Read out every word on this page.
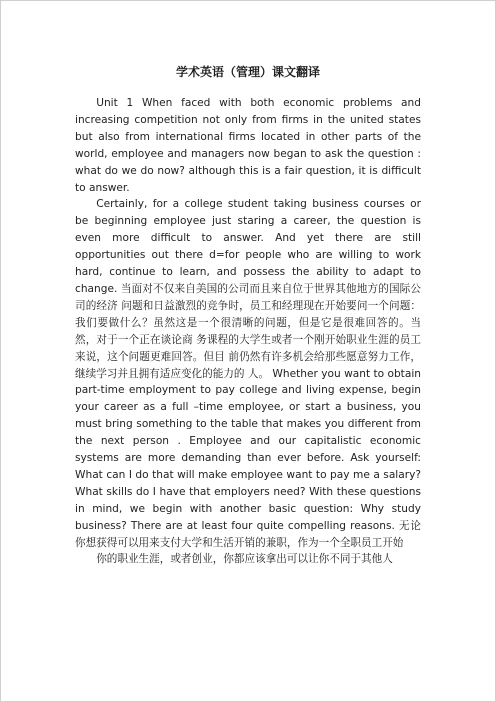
学术英语（管理）课文翻译

Unit 1 When faced with both economic problems and increasing competition not only from firms in the united states but also from international firms located in other parts of the world, employee and managers now began to ask the question : what do we do now? although this is a fair question, it is difficult to answer.

Certainly, for a college student taking business courses or be beginning employee just staring a career, the question is even more difficult to answer. And yet there are still opportunities out there d=for people who are willing to work hard, continue to learn, and possess the ability to adapt to change. 当面对不仅来自美国的公司而且来自位于世界其他地方的国际公司的经济 问题和日益激烈的竞争时，员工和经理现在开始要问一个问题：我们要做什么？虽然这是一个很清晰的问题，但是它是很难回答的。当然，对于一个正在谈论商 务课程的大学生或者一个刚开始职业生涯的员工来说，这个问题更难回答。但目 前仍然有许多机会给那些愿意努力工作，继续学习并且拥有适应变化的能力的 人。 Whether you want to obtain part-time employment to pay college and living expense, begin your career as a full –time employee, or start a business, you must bring something to the table that makes you different from the next person . Employee and our capitalistic economic systems are more demanding than ever before. Ask yourself: What can I do that will make employee want to pay me a salary? What skills do I have that employers need? With these questions in mind, we begin with another basic question: Why study business? There are at least four quite compelling reasons. 无论你想获得可以用来支付大学和生活开销的兼职，作为一个全职员工开始

你的职业生涯，或者创业，你都应该拿出可以让你不同于其他人
